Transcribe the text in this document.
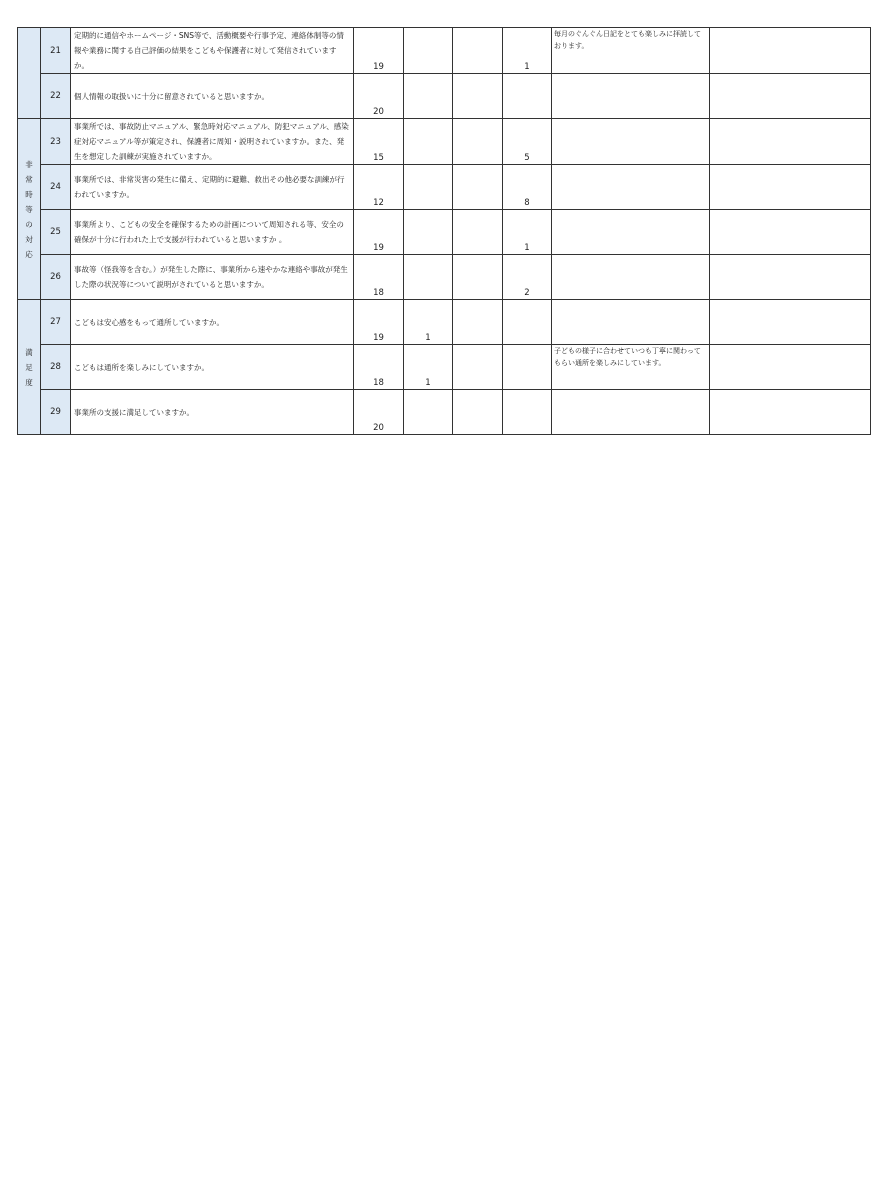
	21	定期的に通信やホームページ・SNS等で、活動概要や行事予定、連絡体制等の情報や業務に関する自己評価の結果をこどもや保護者に対して発信されていますか。	19			1	毎月のぐんぐん日記をとても楽しみに拝読しております。	
	22	個人情報の取扱いに十分に留意されていると思いますか。	20					

非常時等の対応	23	事業所では、事故防止マニュアル、緊急時対応マニュアル、防犯マニュアル、感染症対応マニュアル等が策定され、保護者に周知・説明されていますか。また、発生を想定した訓練が実施されていますか。	15			5		

	24	事業所では、非常災害の発生に備え、定期的に避難、救出その他必要な訓練が行われていますか。	12			8		

	25	事業所より、こどもの安全を確保するための計画について周知される等、安全の確保が十分に行われた上で支援が行われていると思いますか 。	19			1		

	26	事故等（怪我等を含む。）が発生した際に、事業所から速やかな連絡や事故が発生した際の状況等について説明がされていると思いますか。	18			2		

満足度	27	こどもは安心感をもって通所していますか。	19	1				

	28	こどもは通所を楽しみにしていますか。	18	1			子どもの様子に合わせていつも丁寧に関わってもらい通所を楽しみにしています。	
	29	事業所の支援に満足していますか。	20					
